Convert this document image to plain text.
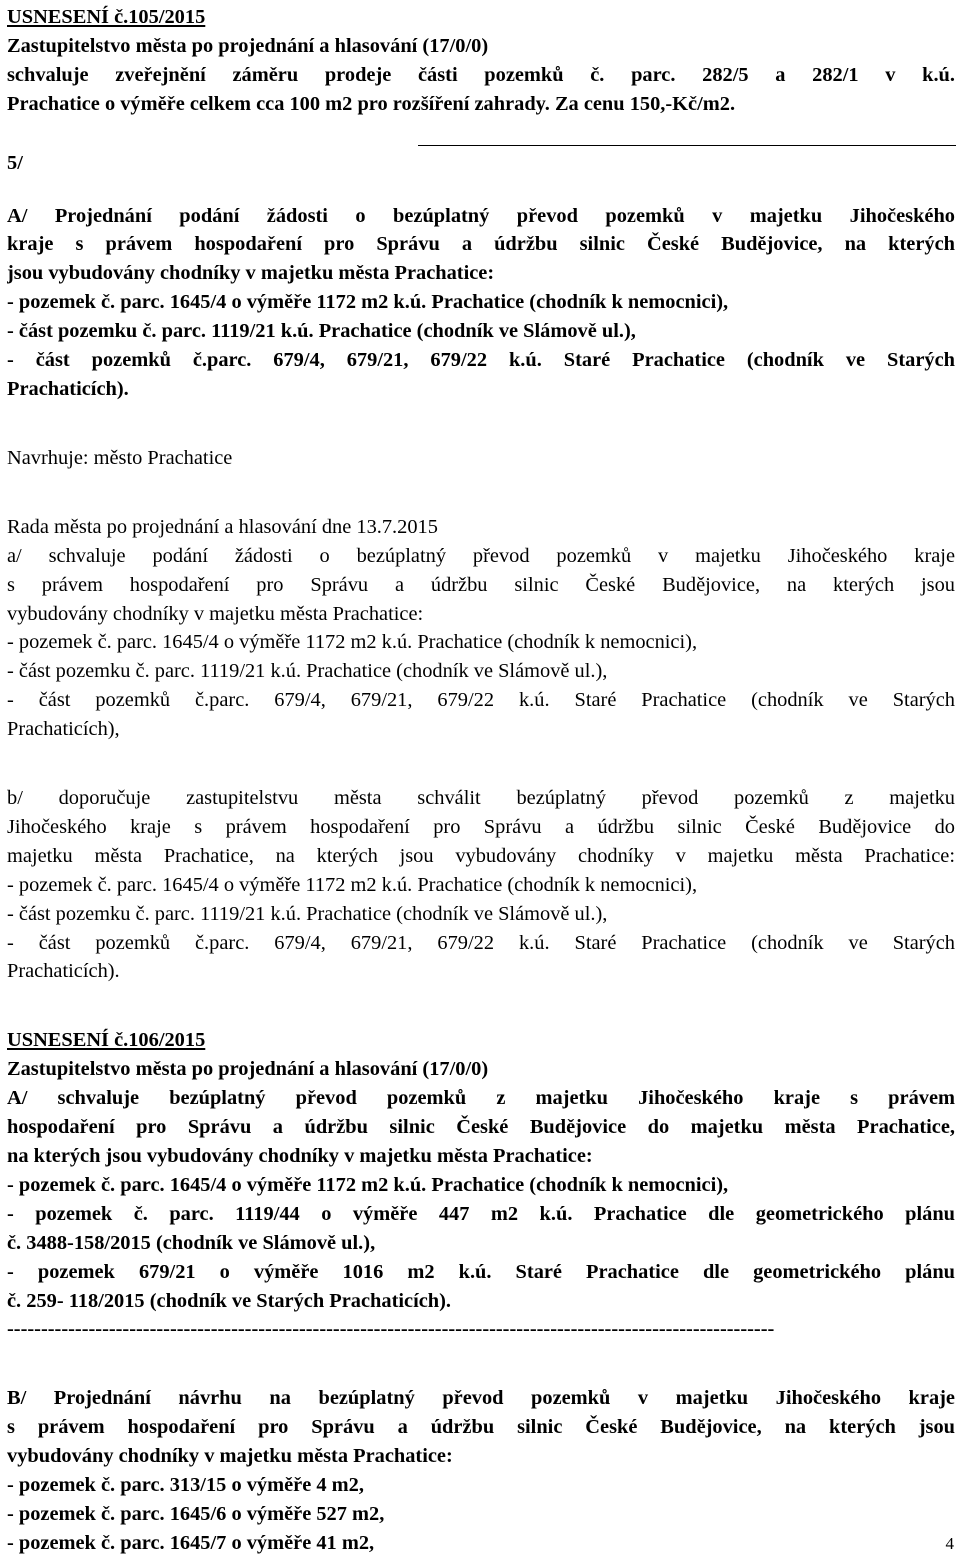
USNESENÍ č.105/2015
Zastupitelstvo města po projednání a hlasování (17/0/0)
schvaluje zveřejnění záměru prodeje části pozemků č. parc. 282/5 a 282/1 v k.ú.
Prachatice o výměře celkem cca 100 m2 pro rozšíření zahrady. Za cenu 150,-Kč/m2.
5/
A/ Projednání podání žádosti o bezúplatný převod pozemků v majetku Jihočeského
kraje s právem hospodaření pro Správu a údržbu silnic České Budějovice, na kterých
jsou vybudovány chodníky v majetku města Prachatice:
- pozemek č. parc. 1645/4 o výměře 1172 m2 k.ú. Prachatice (chodník k nemocnici),
- část pozemku č. parc. 1119/21 k.ú. Prachatice (chodník ve Slámově ul.),
- část pozemků č.parc. 679/4, 679/21, 679/22 k.ú. Staré Prachatice (chodník ve Starých
Prachaticích).
Navrhuje: město Prachatice
Rada města po projednání a hlasování dne 13.7.2015
a/ schvaluje podání žádosti o bezúplatný převod pozemků v majetku Jihočeského kraje
s právem hospodaření pro Správu a údržbu silnic České Budějovice, na kterých jsou
vybudovány chodníky v majetku města Prachatice:
- pozemek č. parc. 1645/4 o výměře 1172 m2 k.ú. Prachatice (chodník k nemocnici),
- část pozemku č. parc. 1119/21 k.ú. Prachatice (chodník ve Slámově ul.),
- část pozemků č.parc. 679/4, 679/21, 679/22 k.ú. Staré Prachatice (chodník ve Starých
Prachaticích),
b/ doporučuje zastupitelstvu města schválit bezúplatný převod pozemků z majetku
Jihočeského kraje s právem hospodaření pro Správu a údržbu silnic České Budějovice do
majetku města Prachatice, na kterých jsou vybudovány chodníky v majetku města Prachatice:
- pozemek č. parc. 1645/4 o výměře 1172 m2 k.ú. Prachatice (chodník k nemocnici),
- část pozemku č. parc. 1119/21 k.ú. Prachatice (chodník ve Slámově ul.),
- část pozemků č.parc. 679/4, 679/21, 679/22 k.ú. Staré Prachatice (chodník ve Starých
Prachaticích).
USNESENÍ č.106/2015
Zastupitelstvo města po projednání a hlasování (17/0/0)
A/ schvaluje bezúplatný převod pozemků z majetku Jihočeského kraje s právem
hospodaření pro Správu a údržbu silnic České Budějovice do majetku města Prachatice,
na kterých jsou vybudovány chodníky v majetku města Prachatice:
- pozemek č. parc. 1645/4 o výměře 1172 m2 k.ú. Prachatice (chodník k nemocnici),
- pozemek č. parc. 1119/44 o výměře 447 m2 k.ú. Prachatice dle geometrického plánu
č. 3488-158/2015 (chodník ve Slámově ul.),
- pozemek 679/21 o výměře 1016 m2 k.ú. Staré Prachatice dle geometrického plánu
č. 259- 118/2015 (chodník ve Starých Prachaticích).
-----------------------------------------------------------------------------------------------------------------
B/ Projednání návrhu na bezúplatný převod pozemků v majetku Jihočeského kraje
s právem hospodaření pro Správu a údržbu silnic České Budějovice, na kterých jsou
vybudovány chodníky v majetku města Prachatice:
- pozemek č. parc. 313/15 o výměře 4 m2,
- pozemek č. parc. 1645/6 o výměře 527 m2,
- pozemek č. parc. 1645/7 o výměře 41 m2,	4
